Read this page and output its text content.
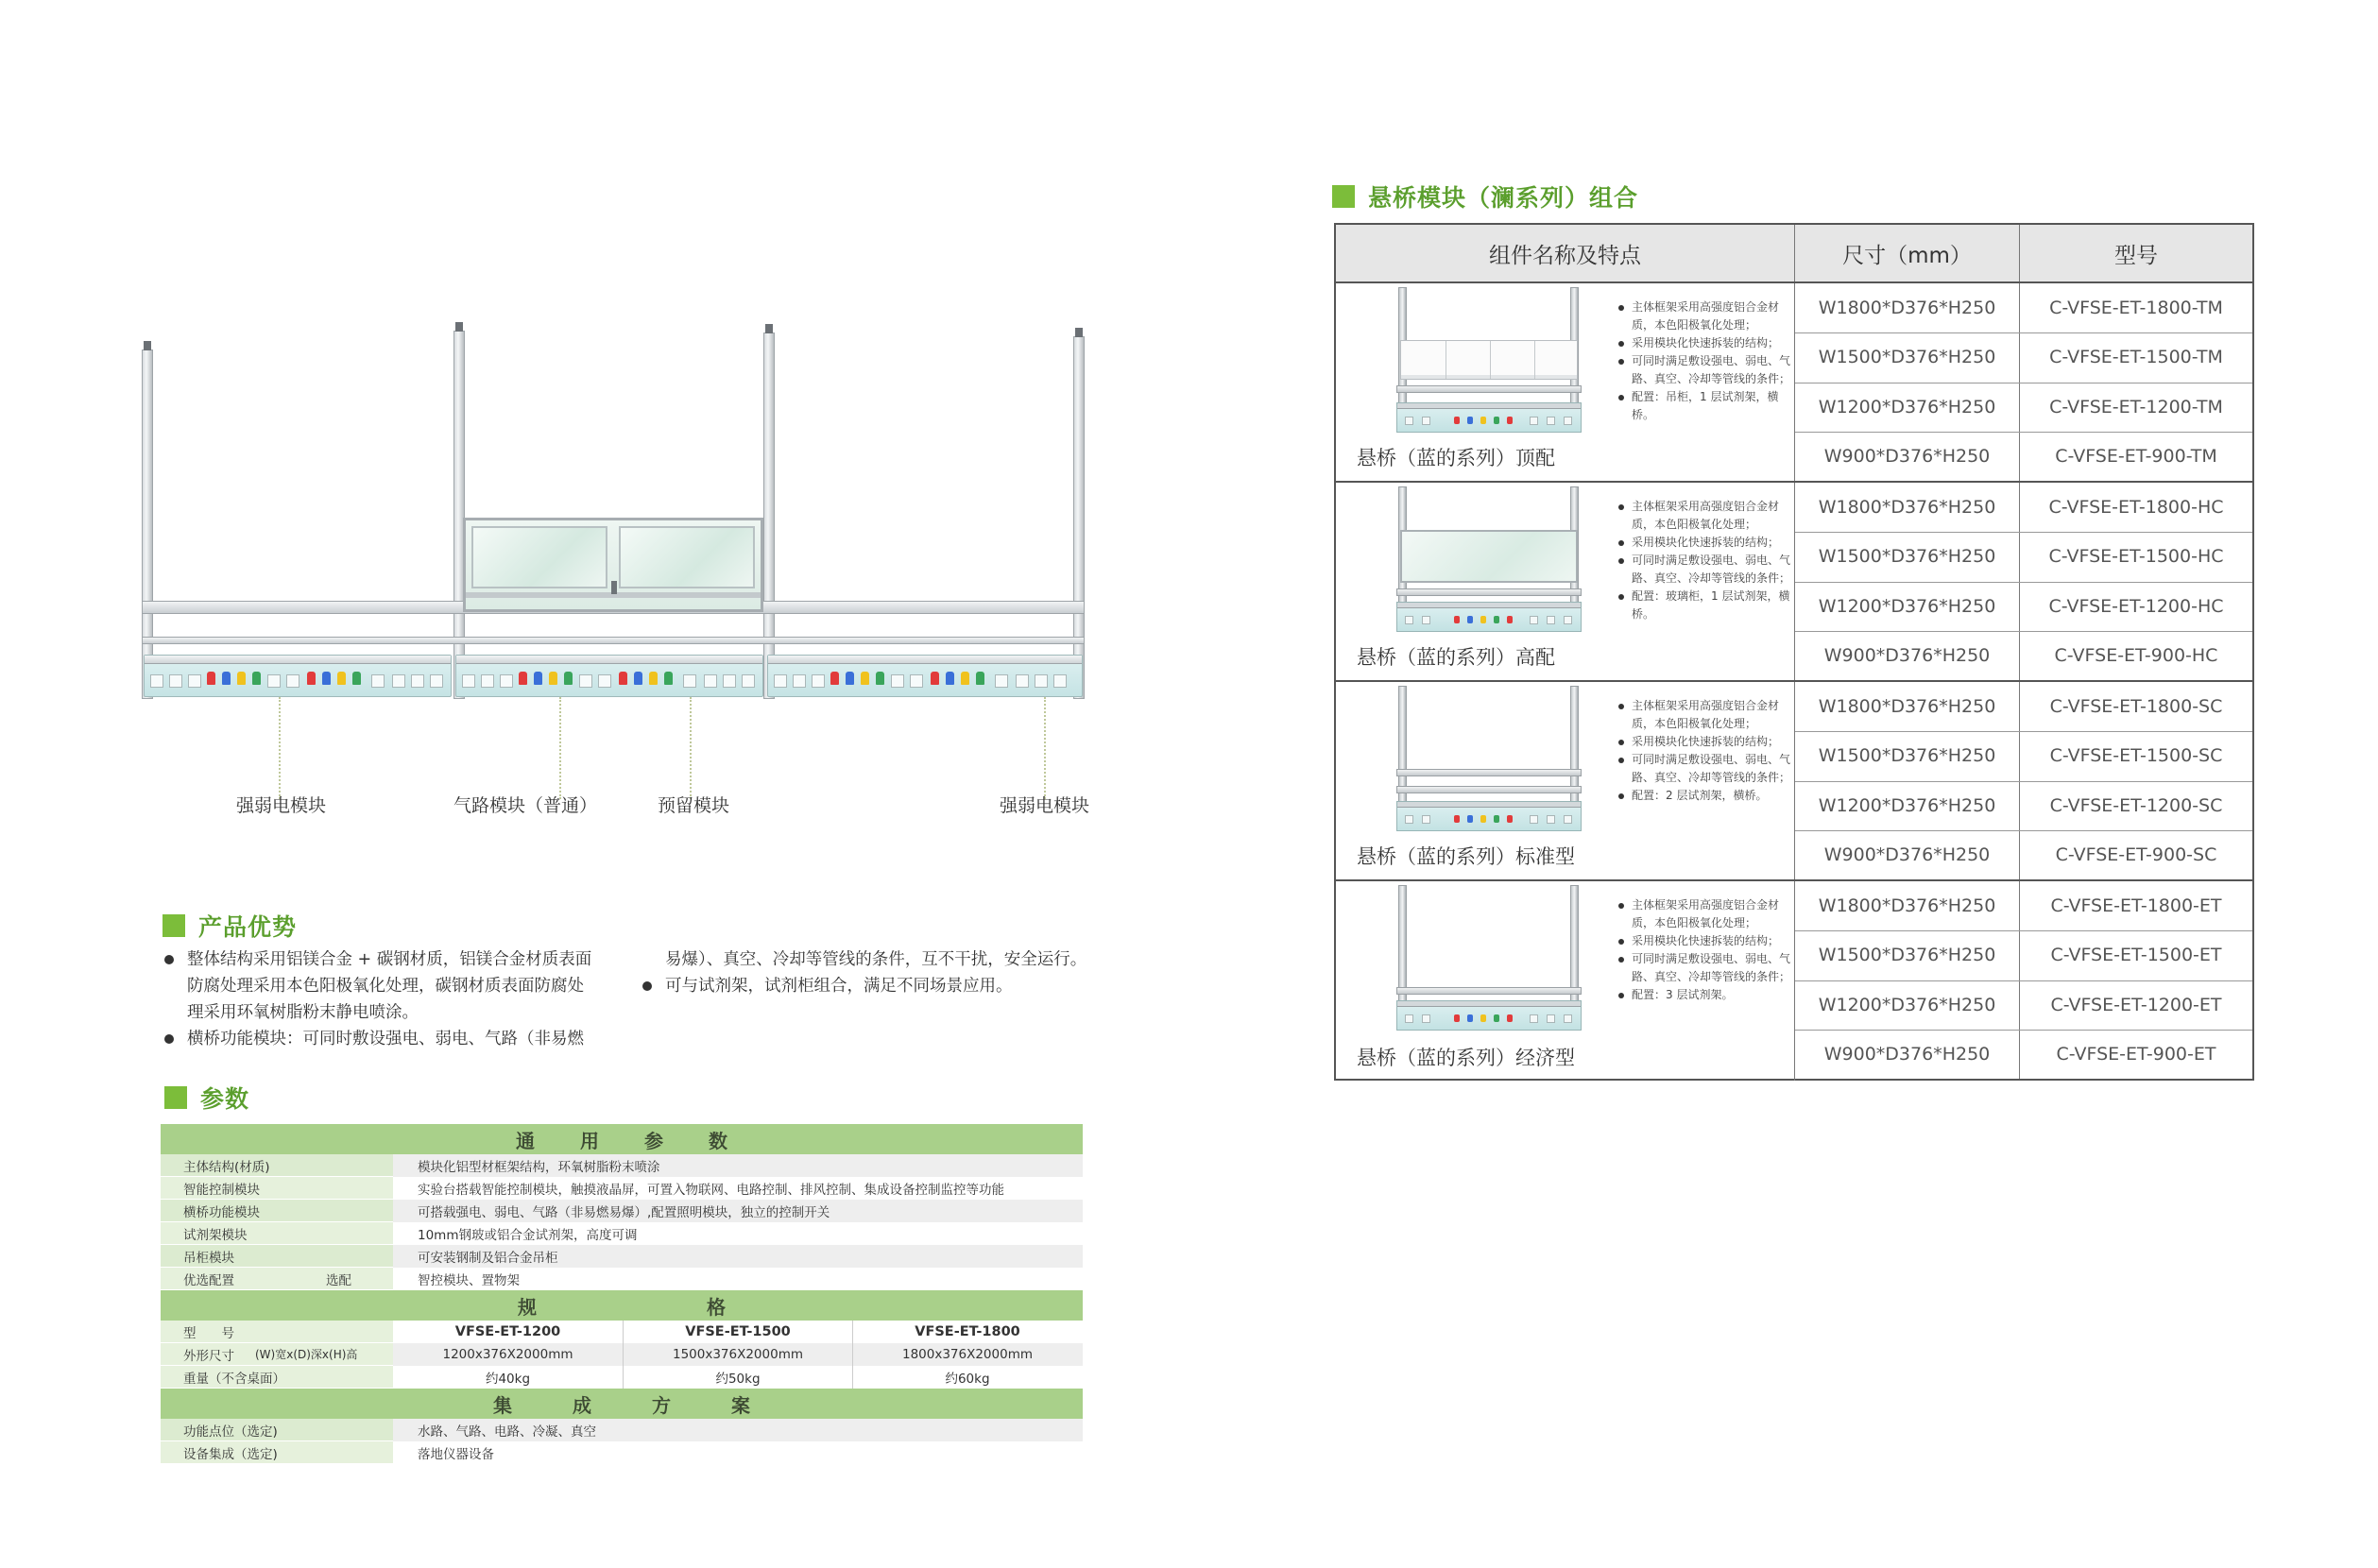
强弱电模块	气路模块（普通）	预留模块	强弱电模块
产品优势
整体结构采用铝镁合金 + 碳钢材质，铝镁合金材质表面
防腐处理采用本色阳极氧化处理，碳钢材质表面防腐处
理采用环氧树脂粉末静电喷涂。
横桥功能模块：可同时敷设强电、弱电、气路（非易燃
易爆）、真空、冷却等管线的条件，互不干扰，安全运行。
可与试剂架，试剂柜组合，满足不同场景应用。
参数
通用参数
主体结构(材质)	模块化铝型材框架结构，环氧树脂粉末喷涂
智能控制模块	实验台搭载智能控制模块，触摸液晶屏，可置入物联网、电路控制、排风控制、集成设备控制监控等功能
横桥功能模块	可搭载强电、弱电、气路（非易燃易爆）,配置照明模块，独立的控制开关
试剂架模块	10mm钢玻或铝合金试剂架，高度可调
吊柜模块	可安装钢制及铝合金吊柜
优选配置	选配	智控模块、置物架
规格
型　　号	VFSE-ET-1200	VFSE-ET-1500	VFSE-ET-1800
外形尺寸 (W)宽x(D)深x(H)高	1200x376X2000mm	1500x376X2000mm	1800x376X2000mm
重量（不含桌面）	约40kg	约50kg	约60kg
集成方案
功能点位（选定)	水路、气路、电路、冷凝、真空
设备集成（选定)	落地仪器设备
悬桥模块（澜系列）组合
组件名称及特点	尺寸（mm）	型号
悬桥（蓝的系列）顶配

主体框架采用高强度铝合金材质，本色阳极氧化处理；

采用模块化快速拆装的结构；

可同时满足敷设强电、弱电、气路、真空、冷却等管线的条件；

配置：吊柜，1 层试剂架，横桥。

W1800*D376*H250	C-VFSE-ET-1800-TM
W1500*D376*H250	C-VFSE-ET-1500-TM
W1200*D376*H250	C-VFSE-ET-1200-TM
W900*D376*H250	C-VFSE-ET-900-TM
悬桥（蓝的系列）高配

主体框架采用高强度铝合金材质，本色阳极氧化处理；

采用模块化快速拆装的结构；

可同时满足敷设强电、弱电、气路、真空、冷却等管线的条件；

配置：玻璃柜，1 层试剂架，横桥。

W1800*D376*H250	C-VFSE-ET-1800-HC
W1500*D376*H250	C-VFSE-ET-1500-HC
W1200*D376*H250	C-VFSE-ET-1200-HC
W900*D376*H250	C-VFSE-ET-900-HC
悬桥（蓝的系列）标准型

主体框架采用高强度铝合金材质，本色阳极氧化处理；

采用模块化快速拆装的结构；

可同时满足敷设强电、弱电、气路、真空、冷却等管线的条件；

配置：2 层试剂架，横桥。

W1800*D376*H250	C-VFSE-ET-1800-SC
W1500*D376*H250	C-VFSE-ET-1500-SC
W1200*D376*H250	C-VFSE-ET-1200-SC
W900*D376*H250	C-VFSE-ET-900-SC
悬桥（蓝的系列）经济型

主体框架采用高强度铝合金材质，本色阳极氧化处理；

采用模块化快速拆装的结构；

可同时满足敷设强电、弱电、气路、真空、冷却等管线的条件；

配置：3 层试剂架。

W1800*D376*H250	C-VFSE-ET-1800-ET
W1500*D376*H250	C-VFSE-ET-1500-ET
W1200*D376*H250	C-VFSE-ET-1200-ET
W900*D376*H250	C-VFSE-ET-900-ET
